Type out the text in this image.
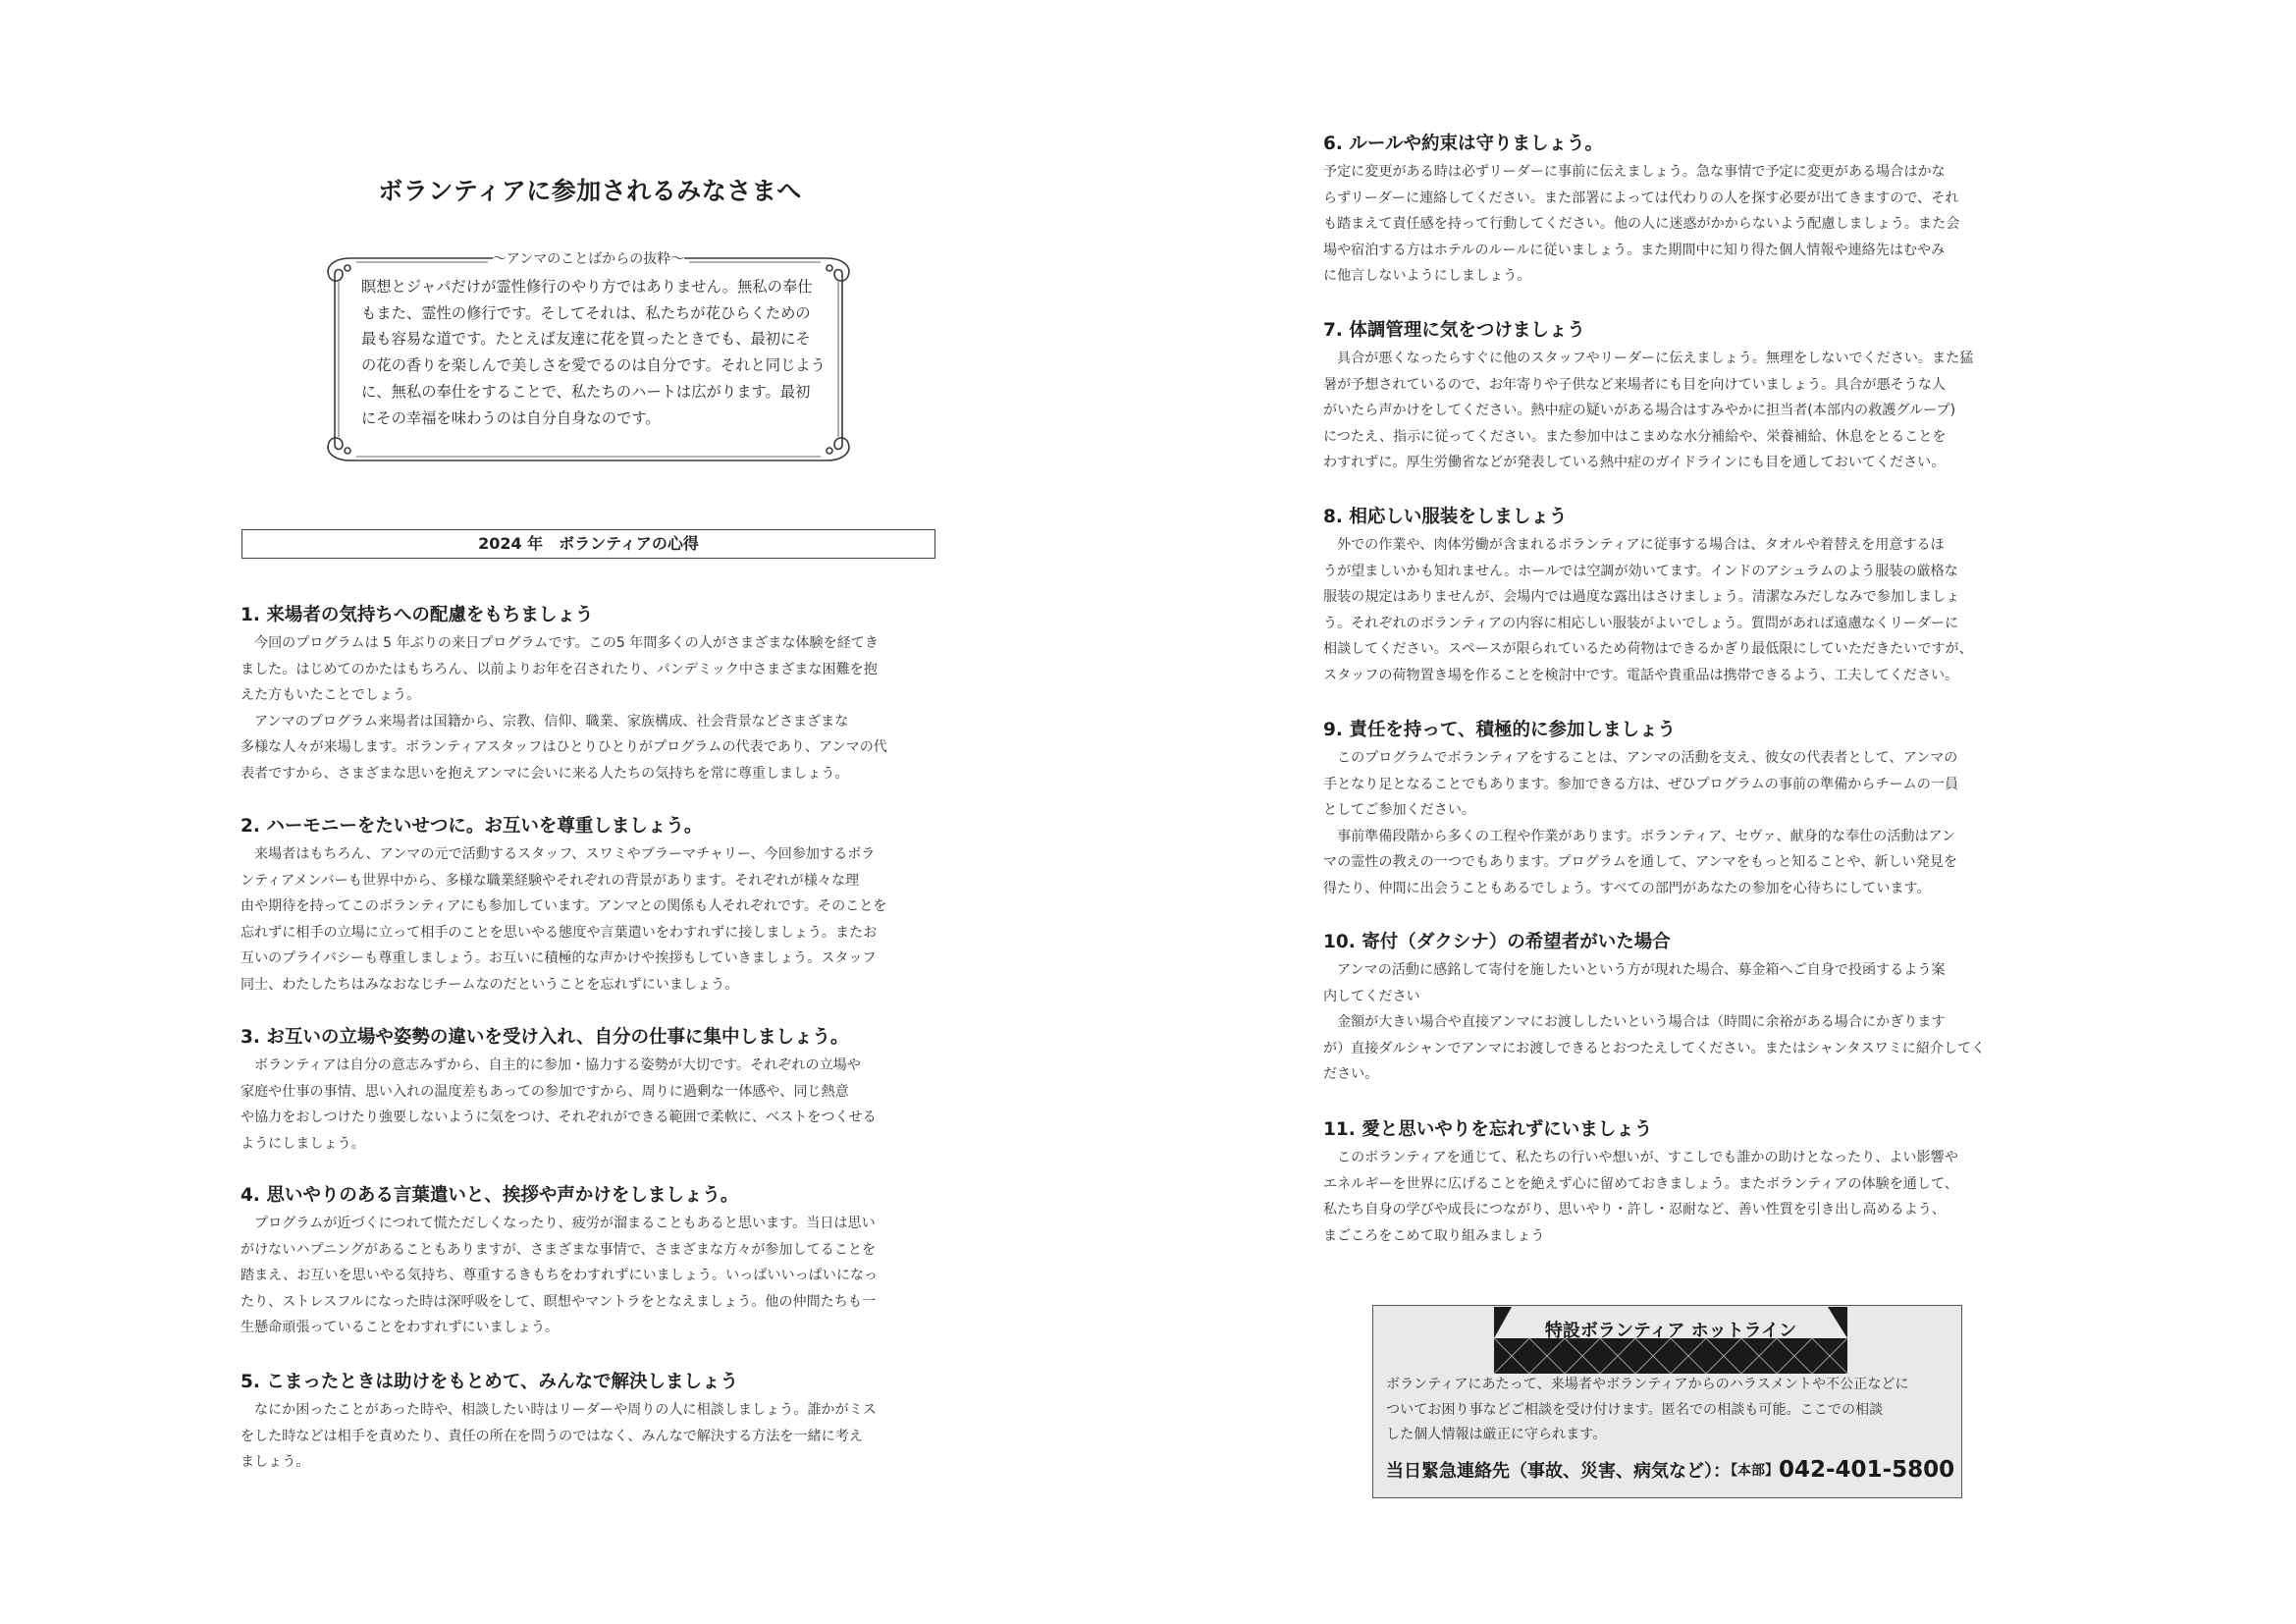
ボランティアに参加されるみなさまへ
～アンマのことばからの抜粋～

瞑想とジャパだけが霊性修行のやり方ではありません。無私の奉仕

もまた、霊性の修行です。そしてそれは、私たちが花ひらくための

最も容易な道です。たとえば友達に花を買ったときでも、最初にそ

の花の香りを楽しんで美しさを愛でるのは自分です。それと同じよう

に、無私の奉仕をすることで、私たちのハートは広がります。最初

にその幸福を味わうのは自分自身なのです。

2024 年　ボランティアの心得
1. 来場者の気持ちへの配慮をもちましょう

今回のプログラムは 5 年ぶりの来日プログラムです。この5 年間多くの人がさまざまな体験を経てき

ました。はじめてのかたはもちろん、以前よりお年を召されたり、パンデミック中さまざまな困難を抱

えた方もいたことでしょう。

アンマのプログラム来場者は国籍から、宗教、信仰、職業、家族構成、社会背景などさまざまな

多様な人々が来場します。ボランティアスタッフはひとりひとりがプログラムの代表であり、アンマの代

表者ですから、さまざまな思いを抱えアンマに会いに来る人たちの気持ちを常に尊重しましょう。

2. ハーモニーをたいせつに。お互いを尊重しましょう。

来場者はもちろん、アンマの元で活動するスタッフ、スワミやブラーマチャリー、今回参加するボラ

ンティアメンバーも世界中から、多様な職業経験やそれぞれの背景があります。それぞれが様々な理

由や期待を持ってこのボランティアにも参加しています。アンマとの関係も人それぞれです。そのことを

忘れずに相手の立場に立って相手のことを思いやる態度や言葉遣いをわすれずに接しましょう。またお

互いのプライバシーも尊重しましょう。お互いに積極的な声かけや挨拶もしていきましょう。スタッフ

同士、わたしたちはみなおなじチームなのだということを忘れずにいましょう。

3. お互いの立場や姿勢の違いを受け入れ、自分の仕事に集中しましょう。

ボランティアは自分の意志みずから、自主的に参加・協力する姿勢が大切です。それぞれの立場や

家庭や仕事の事情、思い入れの温度差もあっての参加ですから、周りに過剰な一体感や、同じ熱意

や協力をおしつけたり強要しないように気をつけ、それぞれができる範囲で柔軟に、ベストをつくせる

ようにしましょう。

4. 思いやりのある言葉遣いと、挨拶や声かけをしましょう。

プログラムが近づくにつれて慌ただしくなったり、疲労が溜まることもあると思います。当日は思い

がけないハプニングがあることもありますが、さまざまな事情で、さまざまな方々が参加してることを

踏まえ、お互いを思いやる気持ち、尊重するきもちをわすれずにいましょう。いっぱいいっぱいになっ

たり、ストレスフルになった時は深呼吸をして、瞑想やマントラをとなえましょう。他の仲間たちも一

生懸命頑張っていることをわすれずにいましょう。

5. こまったときは助けをもとめて、みんなで解決しましょう

なにか困ったことがあった時や、相談したい時はリーダーや周りの人に相談しましょう。誰かがミス

をした時などは相手を責めたり、責任の所在を問うのではなく、みんなで解決する方法を一緒に考え

ましょう。

6. ルールや約束は守りましょう。

予定に変更がある時は必ずリーダーに事前に伝えましょう。急な事情で予定に変更がある場合はかな

らずリーダーに連絡してください。また部署によっては代わりの人を探す必要が出てきますので、それ

も踏まえて責任感を持って行動してください。他の人に迷惑がかからないよう配慮しましょう。また会

場や宿泊する方はホテルのルールに従いましょう。また期間中に知り得た個人情報や連絡先はむやみ

に他言しないようにしましょう。

7. 体調管理に気をつけましょう

具合が悪くなったらすぐに他のスタッフやリーダーに伝えましょう。無理をしないでください。また猛

暑が予想されているので、お年寄りや子供など来場者にも目を向けていましょう。具合が悪そうな人

がいたら声かけをしてください。熱中症の疑いがある場合はすみやかに担当者(本部内の救護グループ)

につたえ、指示に従ってください。また参加中はこまめな水分補給や、栄養補給、休息をとることを

わすれずに。厚生労働省などが発表している熱中症のガイドラインにも目を通しておいてください。

8. 相応しい服装をしましょう

外での作業や、肉体労働が含まれるボランティアに従事する場合は、タオルや着替えを用意するほ

うが望ましいかも知れません。ホールでは空調が効いてます。インドのアシュラムのよう服装の厳格な

服装の規定はありませんが、会場内では過度な露出はさけましょう。清潔なみだしなみで参加しましょ

う。それぞれのボランティアの内容に相応しい服装がよいでしょう。質問があれば遠慮なくリーダーに

相談してください。スペースが限られているため荷物はできるかぎり最低限にしていただきたいですが、

スタッフの荷物置き場を作ることを検討中です。電話や貴重品は携帯できるよう、工夫してください。

9. 責任を持って、積極的に参加しましょう

このプログラムでボランティアをすることは、アンマの活動を支え、彼女の代表者として、アンマの

手となり足となることでもあります。参加できる方は、ぜひプログラムの事前の準備からチームの一員

としてご参加ください。

事前準備段階から多くの工程や作業があります。ボランティア、セヴァ、献身的な奉仕の活動はアン

マの霊性の教えの一つでもあります。プログラムを通して、アンマをもっと知ることや、新しい発見を

得たり、仲間に出会うこともあるでしょう。すべての部門があなたの参加を心待ちにしています。

10. 寄付（ダクシナ）の希望者がいた場合

アンマの活動に感銘して寄付を施したいという方が現れた場合、募金箱へご自身で投函するよう案

内してください

金額が大きい場合や直接アンマにお渡ししたいという場合は（時間に余裕がある場合にかぎります

が）直接ダルシャンでアンマにお渡しできるとおつたえしてください。またはシャンタスワミに紹介してく

ださい。

11. 愛と思いやりを忘れずにいましょう

このボランティアを通じて、私たちの行いや想いが、すこしでも誰かの助けとなったり、よい影響や

エネルギーを世界に広げることを絶えず心に留めておきましょう。またボランティアの体験を通して、

私たち自身の学びや成長につながり、思いやり・許し・忍耐など、善い性質を引き出し高めるよう、

まごころをこめて取り組みましょう

特設ボランティア ホットライン

ボランティアにあたって、来場者やボランティアからのハラスメントや不公正などに

ついてお困り事などご相談を受け付けます。匿名での相談も可能。ここでの相談

した個人情報は厳正に守られます。

当日緊急連絡先（事故、災害、病気など）：【本部】042-401-5800
